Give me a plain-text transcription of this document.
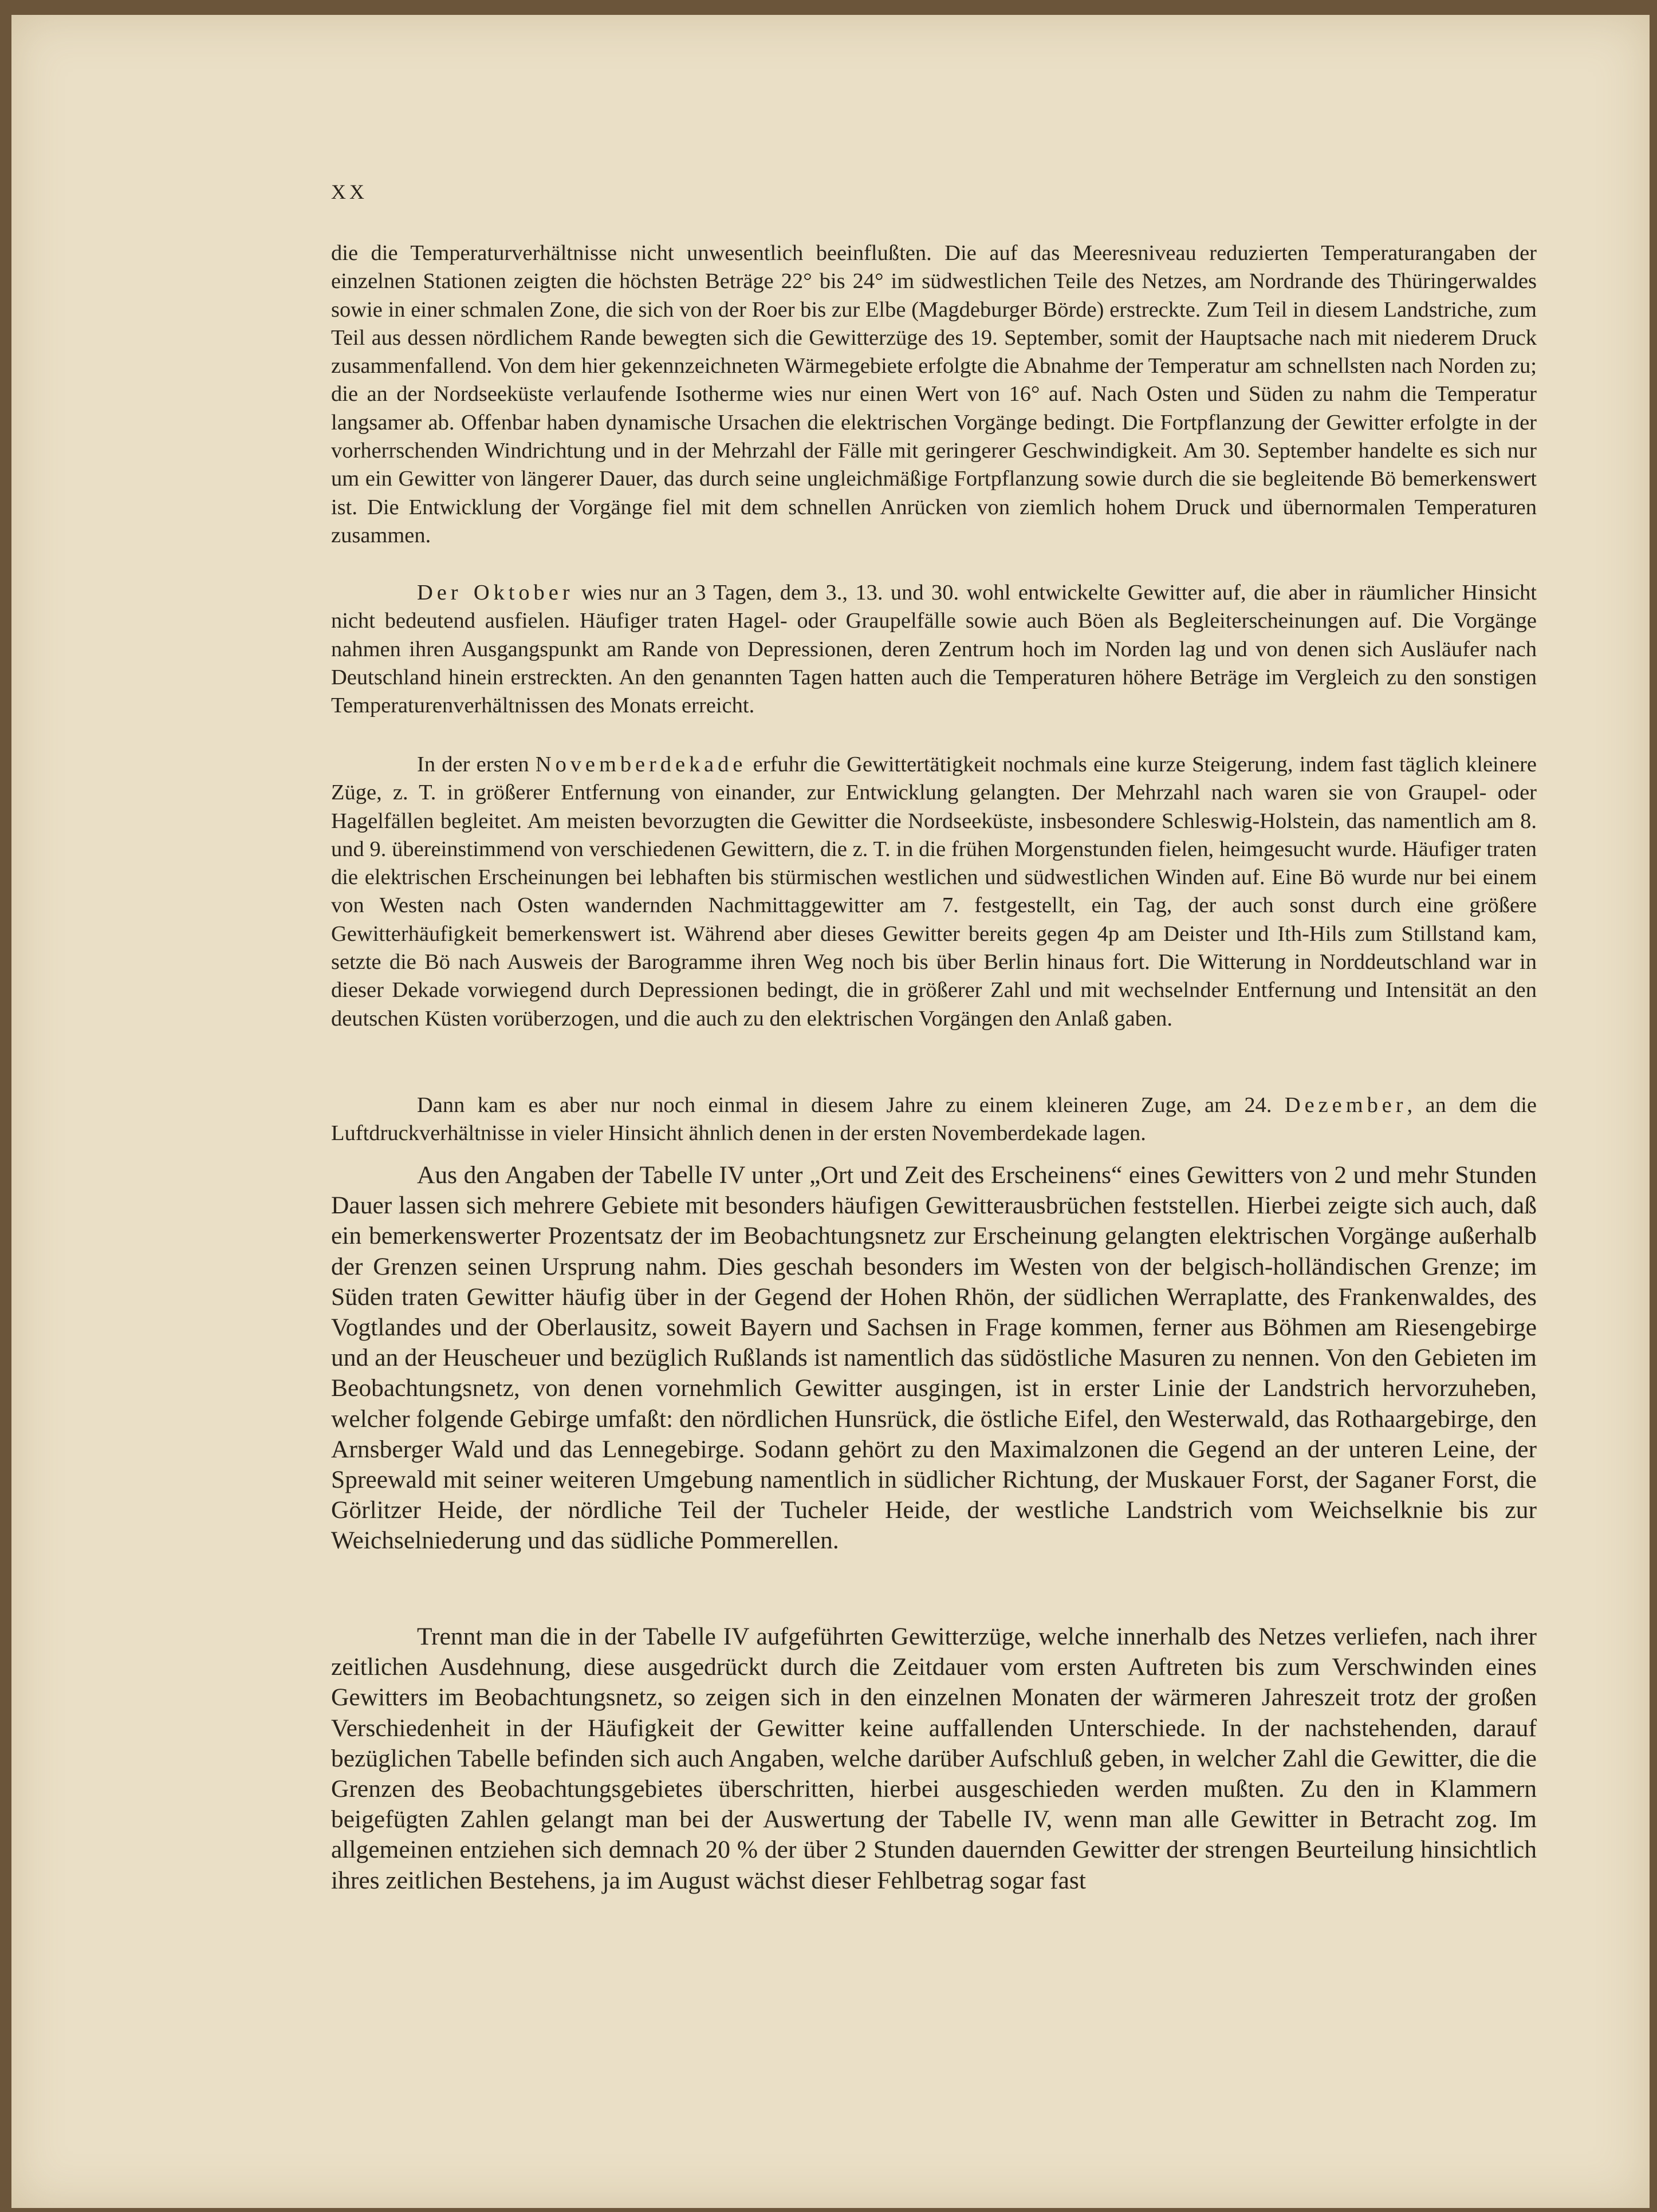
XX

die die Temperaturverhältnisse nicht unwesentlich beeinflußten. Die auf das Meeresniveau reduzierten Temperaturangaben der einzelnen Stationen zeigten die höchsten Beträge 22° bis 24° im südwestlichen Teile des Netzes, am Nordrande des Thüringerwaldes sowie in einer schmalen Zone, die sich von der Roer bis zur Elbe (Magdeburger Börde) erstreckte. Zum Teil in diesem Landstriche, zum Teil aus dessen nördlichem Rande bewegten sich die Gewitterzüge des 19. September, somit der Hauptsache nach mit niederem Druck zusammenfallend. Von dem hier gekennzeichneten Wärmegebiete erfolgte die Abnahme der Temperatur am schnellsten nach Norden zu; die an der Nordseeküste verlaufende Isotherme wies nur einen Wert von 16° auf. Nach Osten und Süden zu nahm die Temperatur langsamer ab. Offenbar haben dynamische Ursachen die elektrischen Vorgänge bedingt. Die Fortpflanzung der Gewitter erfolgte in der vorherrschenden Windrichtung und in der Mehrzahl der Fälle mit geringerer Geschwindigkeit. Am 30. September handelte es sich nur um ein Gewitter von längerer Dauer, das durch seine ungleichmäßige Fortpflanzung sowie durch die sie begleitende Bö bemerkenswert ist. Die Entwicklung der Vorgänge fiel mit dem schnellen Anrücken von ziemlich hohem Druck und übernormalen Temperaturen zusammen.

Der Oktober wies nur an 3 Tagen, dem 3., 13. und 30. wohl entwickelte Gewitter auf, die aber in räumlicher Hinsicht nicht bedeutend ausfielen. Häufiger traten Hagel- oder Graupelfälle sowie auch Böen als Begleiterscheinungen auf. Die Vorgänge nahmen ihren Ausgangspunkt am Rande von Depressionen, deren Zentrum hoch im Norden lag und von denen sich Ausläufer nach Deutschland hinein erstreckten. An den genannten Tagen hatten auch die Temperaturen höhere Beträge im Vergleich zu den sonstigen Temperaturenverhältnissen des Monats erreicht.

In der ersten Novemberdekade erfuhr die Gewittertätigkeit nochmals eine kurze Steigerung, indem fast täglich kleinere Züge, z. T. in größerer Entfernung von einander, zur Entwicklung gelangten. Der Mehrzahl nach waren sie von Graupel- oder Hagelfällen begleitet. Am meisten bevorzugten die Gewitter die Nordseeküste, insbesondere Schleswig-Holstein, das namentlich am 8. und 9. übereinstimmend von verschiedenen Gewittern, die z. T. in die frühen Morgenstunden fielen, heimgesucht wurde. Häufiger traten die elektrischen Erscheinungen bei lebhaften bis stürmischen westlichen und südwestlichen Winden auf. Eine Bö wurde nur bei einem von Westen nach Osten wandernden Nachmittaggewitter am 7. festgestellt, ein Tag, der auch sonst durch eine größere Gewitterhäufigkeit bemerkenswert ist. Während aber dieses Gewitter bereits gegen 4p am Deister und Ith-Hils zum Stillstand kam, setzte die Bö nach Ausweis der Barogramme ihren Weg noch bis über Berlin hinaus fort. Die Witterung in Norddeutschland war in dieser Dekade vorwiegend durch Depressionen bedingt, die in größerer Zahl und mit wechselnder Entfernung und Intensität an den deutschen Küsten vorüberzogen, und die auch zu den elektrischen Vorgängen den Anlaß gaben.

Dann kam es aber nur noch einmal in diesem Jahre zu einem kleineren Zuge, am 24. Dezember, an dem die Luftdruckverhältnisse in vieler Hinsicht ähnlich denen in der ersten Novemberdekade lagen.

Aus den Angaben der Tabelle IV unter „Ort und Zeit des Erscheinens“ eines Gewitters von 2 und mehr Stunden Dauer lassen sich mehrere Gebiete mit besonders häufigen Gewitterausbrüchen feststellen. Hierbei zeigte sich auch, daß ein bemerkenswerter Prozentsatz der im Beobachtungsnetz zur Erscheinung gelangten elektrischen Vorgänge außerhalb der Grenzen seinen Ursprung nahm. Dies geschah besonders im Westen von der belgisch-holländischen Grenze; im Süden traten Gewitter häufig über in der Gegend der Hohen Rhön, der südlichen Werraplatte, des Frankenwaldes, des Vogtlandes und der Oberlausitz, soweit Bayern und Sachsen in Frage kommen, ferner aus Böhmen am Riesengebirge und an der Heuscheuer und bezüglich Rußlands ist namentlich das südöstliche Masuren zu nennen. Von den Gebieten im Beobachtungsnetz, von denen vornehmlich Gewitter ausgingen, ist in erster Linie der Landstrich hervorzuheben, welcher folgende Gebirge umfaßt: den nördlichen Hunsrück, die östliche Eifel, den Westerwald, das Rothaargebirge, den Arnsberger Wald und das Lennegebirge. Sodann gehört zu den Maximalzonen die Gegend an der unteren Leine, der Spreewald mit seiner weiteren Umgebung namentlich in südlicher Richtung, der Muskauer Forst, der Saganer Forst, die Görlitzer Heide, der nördliche Teil der Tucheler Heide, der westliche Landstrich vom Weichselknie bis zur Weichselniederung und das südliche Pommerellen.

Trennt man die in der Tabelle IV aufgeführten Gewitterzüge, welche innerhalb des Netzes verliefen, nach ihrer zeitlichen Ausdehnung, diese ausgedrückt durch die Zeitdauer vom ersten Auftreten bis zum Verschwinden eines Gewitters im Beobachtungsnetz, so zeigen sich in den einzelnen Monaten der wärmeren Jahreszeit trotz der großen Verschiedenheit in der Häufigkeit der Gewitter keine auffallenden Unterschiede. In der nachstehenden, darauf bezüglichen Tabelle befinden sich auch Angaben, welche darüber Aufschluß geben, in welcher Zahl die Gewitter, die die Grenzen des Beobachtungsgebietes überschritten, hierbei ausgeschieden werden mußten. Zu den in Klammern beigefügten Zahlen gelangt man bei der Auswertung der Tabelle IV, wenn man alle Gewitter in Betracht zog. Im allgemeinen entziehen sich demnach 20 % der über 2 Stunden dauernden Gewitter der strengen Beurteilung hinsichtlich ihres zeitlichen Bestehens, ja im August wächst dieser Fehlbetrag sogar fast
